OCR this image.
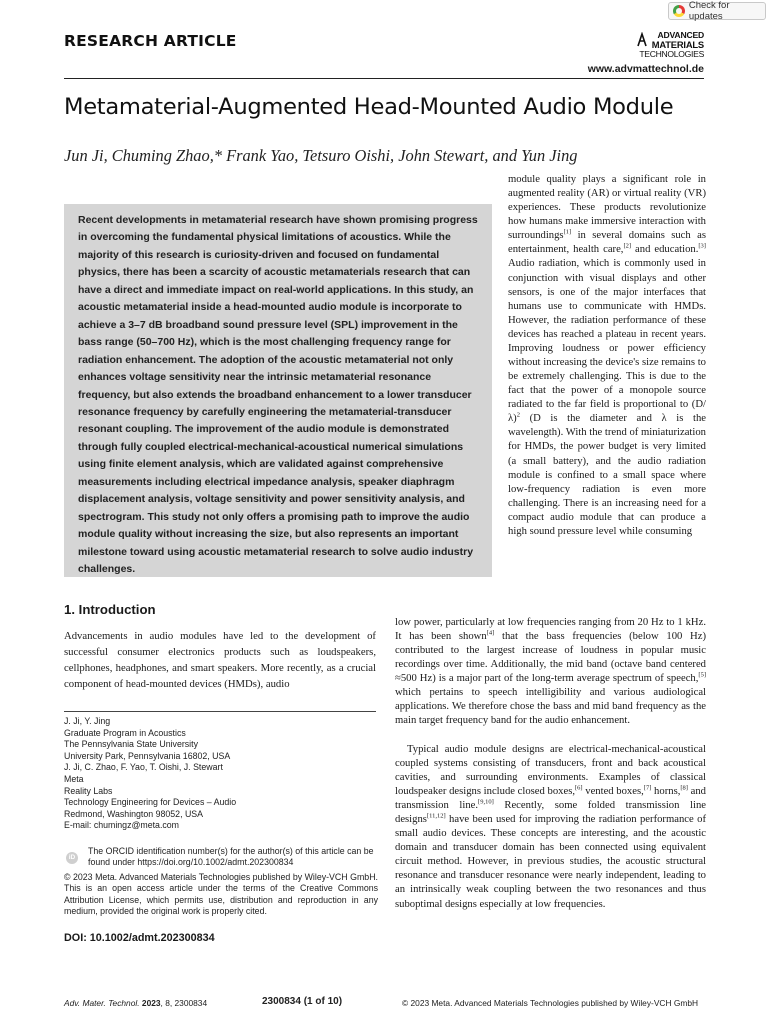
Check for updates
RESEARCH ARTICLE	ADVANCED
MATERIALS
TECHNOLOGIES
www.advmattechnol.de
Metamaterial-Augmented Head-Mounted Audio Module
Jun Ji, Chuming Zhao,* Frank Yao, Tetsuro Oishi, John Stewart, and Yun Jing
Recent developments in metamaterial research have shown promising progress in overcoming the fundamental physical limitations of acoustics. While the majority of this research is curiosity-driven and focused on fundamental physics, there has been a scarcity of acoustic metamaterials research that can have a direct and immediate impact on real-world applications. In this study, an acoustic metamaterial inside a head-mounted audio module is incorporate to achieve a 3–7 dB broadband sound pressure level (SPL) improvement in the bass range (50–700 Hz), which is the most challenging frequency range for radiation enhancement. The adoption of the acoustic metamaterial not only enhances voltage sensitivity near the intrinsic metamaterial resonance frequency, but also extends the broadband enhancement to a lower transducer resonance frequency by carefully engineering the metamaterial-transducer resonant coupling. The improvement of the audio module is demonstrated through fully coupled electrical-mechanical-acoustical numerical simulations using finite element analysis, which are validated against comprehensive measurements including electrical impedance analysis, speaker diaphragm displacement analysis, voltage sensitivity and power sensitivity analysis, and spectrogram. This study not only offers a promising path to improve the audio module quality without increasing the size, but also represents an important milestone toward using acoustic metamaterial research to solve audio industry challenges.
1. Introduction
Advancements in audio modules have led to the development of successful consumer electronics products such as loudspeakers, cellphones, headphones, and smart speakers. More recently, as a crucial component of head-mounted devices (HMDs), audio
J. Ji, Y. Jing
Graduate Program in Acoustics
The Pennsylvania State University
University Park, Pennsylvania 16802, USA
J. Ji, C. Zhao, F. Yao, T. Oishi, J. Stewart
Meta
Reality Labs
Technology Engineering for Devices – Audio
Redmond, Washington 98052, USA
E-mail: chumingz@meta.com
iD
The ORCID identification number(s) for the author(s) of this article can be found under https://doi.org/10.1002/admt.202300834
© 2023 Meta. Advanced Materials Technologies published by Wiley-VCH GmbH. This is an open access article under the terms of the Creative Commons Attribution License, which permits use, distribution and reproduction in any medium, provided the original work is properly cited.
DOI: 10.1002/admt.202300834
module quality plays a significant role in augmented reality (AR) or virtual reality (VR) experiences. These products revolutionize how humans make immersive interaction with surroundings[1] in several domains such as entertainment, health care,[2] and education.[3] Audio radiation, which is commonly used in conjunction with visual displays and other sensors, is one of the major interfaces that humans use to communicate with HMDs. However, the radiation performance of these devices has reached a plateau in recent years. Improving loudness or power efficiency without increasing the device's size remains to be extremely challenging. This is due to the fact that the power of a monopole source radiated to the far field is proportional to $(D/\lambda)^2$ (D is the diameter and λ is the wavelength). With the trend of miniaturization for HMDs, the power budget is very limited (a small battery), and the audio radiation module is confined to a small space where low-frequency radiation is even more challenging. There is an increasing need for a compact audio module that can produce a high sound pressure level while consuming
low power, particularly at low frequencies ranging from 20 Hz to 1 kHz. It has been shown[4] that the bass frequencies (below 100 Hz) contributed to the largest increase of loudness in popular music recordings over time. Additionally, the mid band (octave band centered ≈500 Hz) is a major part of the long-term average spectrum of speech,[5] which pertains to speech intelligibility and various audiological applications. We therefore chose the bass and mid band frequency as the main target frequency band for the audio enhancement.
Typical audio module designs are electrical-mechanical-acoustical coupled systems consisting of transducers, front and back acoustical cavities, and surrounding environments. Examples of classical loudspeaker designs include closed boxes,[6] vented boxes,[7] horns,[8] and transmission line.[9,10] Recently, some folded transmission line designs[11,12] have been used for improving the radiation performance of small audio devices. These concepts are interesting, and the acoustic domain and transducer domain has been connected using equivalent circuit method. However, in previous studies, the acoustic structural resonance and transducer resonance were nearly independent, leading to an intrinsically weak coupling between the two resonances and thus suboptimal designs especially at low frequencies.
Adv. Mater. Technol. 2023, 8, 2300834	2300834 (1 of 10)	© 2023 Meta. Advanced Materials Technologies published by Wiley-VCH GmbH
